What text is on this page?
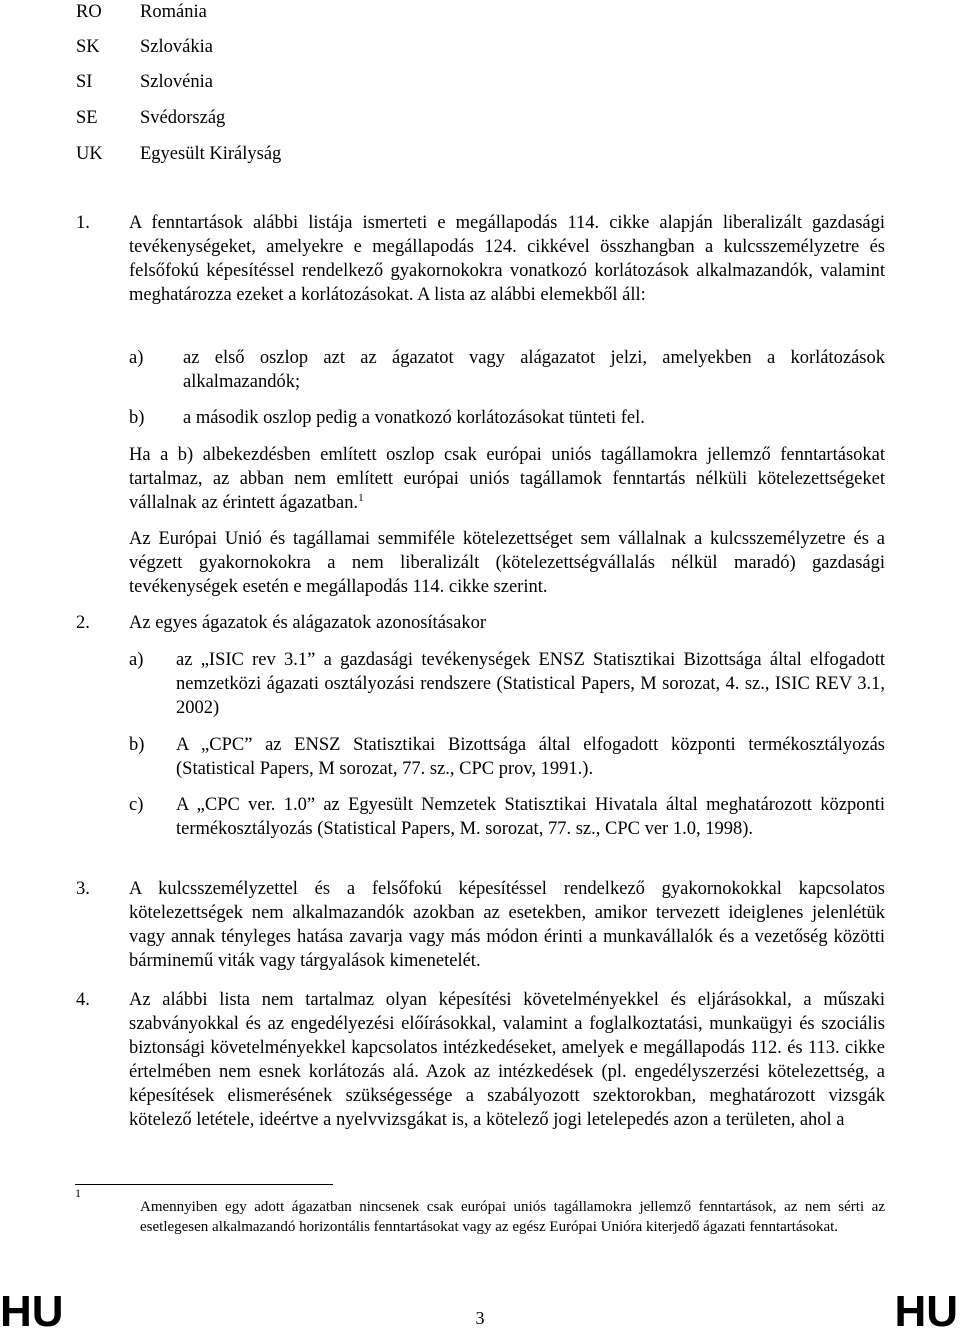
RO Románia
SK Szlovákia
SI	Szlovénia
SE Svédország
UK Egyesült Királyság
1. A fenntartások alábbi listája ismerteti e megállapodás 114. cikke alapján liberalizált gazdasági tevékenységeket, amelyekre e megállapodás 124. cikkével összhangban a kulcsszemélyzetre és felsőfokú képesítéssel rendelkező gyakornokokra vonatkozó korlátozások alkalmazandók, valamint meghatározza ezeket a korlátozásokat. A lista az alábbi elemekből áll:
a) az első oszlop azt az ágazatot vagy alágazatot jelzi, amelyekben a korlátozások alkalmazandók;
b) a második oszlop pedig a vonatkozó korlátozásokat tünteti fel.
Ha a b) albekezdésben említett oszlop csak európai uniós tagállamokra jellemző fenntartásokat tartalmaz, az abban nem említett európai uniós tagállamok fenntartás nélküli kötelezettségeket vállalnak az érintett ágazatban.$^1$
Az Európai Unió és tagállamai semmiféle kötelezettséget sem vállalnak a kulcsszemélyzetre és a végzett gyakornokokra a nem liberalizált (kötelezettségvállalás nélkül maradó) gazdasági tevékenységek esetén e megállapodás 114. cikke szerint.
2. Az egyes ágazatok és alágazatok azonosításakor
a) az „ISIC rev 3.1” a gazdasági tevékenységek ENSZ Statisztikai Bizottsága által elfogadott nemzetközi ágazati osztályozási rendszere (Statistical Papers, M sorozat, 4. sz., ISIC REV 3.1, 2002)
b) A „CPC” az ENSZ Statisztikai Bizottsága által elfogadott központi termékosztályozás (Statistical Papers, M sorozat, 77. sz., CPC prov, 1991.).
c) A „CPC ver. 1.0” az Egyesült Nemzetek Statisztikai Hivatala által meghatározott központi termékosztályozás (Statistical Papers, M. sorozat, 77. sz., CPC ver 1.0, 1998).
3. A kulcsszemélyzettel és a felsőfokú képesítéssel rendelkező gyakornokokkal kapcsolatos kötelezettségek nem alkalmazandók azokban az esetekben, amikor tervezett ideiglenes jelenlétük vagy annak tényleges hatása zavarja vagy más módon érinti a munkavállalók és a vezetőség közötti bárminemű viták vagy tárgyalások kimenetelét.
4. Az alábbi lista nem tartalmaz olyan képesítési követelményekkel és eljárásokkal, a műszaki szabványokkal és az engedélyezési előírásokkal, valamint a foglalkoztatási, munkaügyi és szociális biztonsági követelményekkel kapcsolatos intézkedéseket, amelyek e megállapodás 112. és 113. cikke értelmében nem esnek korlátozás alá. Azok az intézkedések (pl. engedélyszerzési kötelezettség, a képesítések elismerésének szükségessége a szabályozott szektorokban, meghatározott vizsgák kötelező letétele, ideértve a nyelvvizsgákat is, a kötelező jogi letelepedés azon a területen, ahol a
1
Amennyiben egy adott ágazatban nincsenek csak európai uniós tagállamokra jellemző fenntartások, az nem sérti az esetlegesen alkalmazandó horizontális fenntartásokat vagy az egész Európai Unióra kiterjedő ágazati fenntartásokat.
HU	3	HU
